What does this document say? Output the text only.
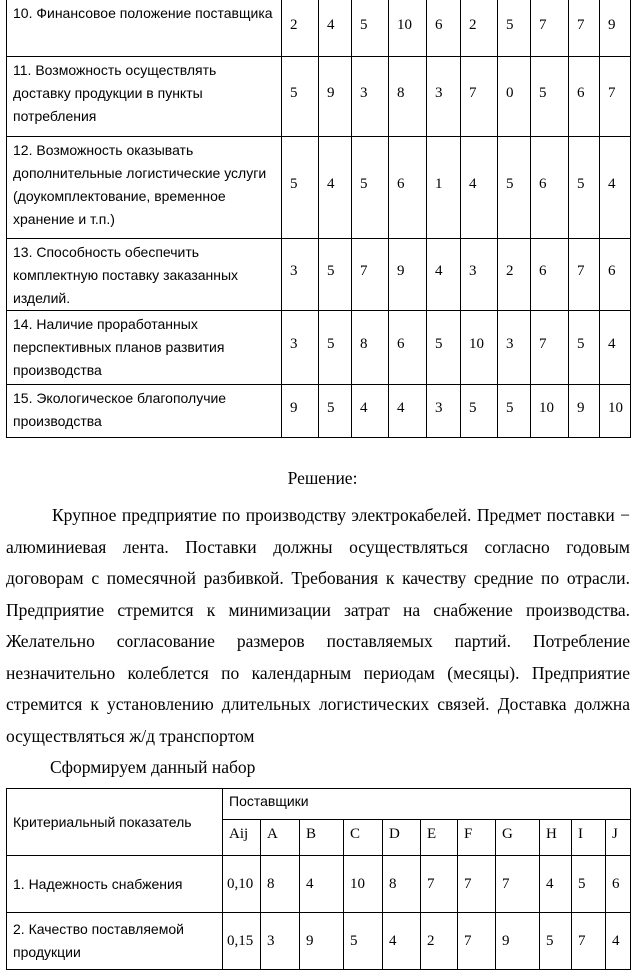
10. Финансовое положение поставщика	2	4	5	10	6	2	5	7	7	9
11. Возможность осуществлять доставку продукции в пункты потребления	5	9	3	8	3	7	0	5	6	7
12. Возможность оказывать дополнительные логистические услуги (доукомплектование, временное хранение и т.п.)	5	4	5	6	1	4	5	6	5	4
13. Способность обеспечить комплектную поставку заказанных изделий.	3	5	7	9	4	3	2	6	7	6
14. Наличие проработанных перспективных планов развития производства	3	5	8	6	5	10	3	7	5	4
15. Экологическое благополучие производства	9	5	4	4	3	5	5	10	9	10
Решение:
Крупное предприятие по производству электрокабелей. Предмет поставки − алюминиевая лента. Поставки должны осуществляться согласно годовым договорам с помесячной разбивкой. Требования к качеству средние по отрасли. Предприятие стремится к минимизации затрат на снабжение производства. Желательно согласование размеров поставляемых партий. Потребление незначительно колеблется по календарным периодам (месяцы). Предприятие стремится к установлению длительных логистических связей. Доставка должна осуществляться ж/д транспортом
Сформируем данный набор
Критериальный показатель	Поставщики											
	Aij	A	B	C	D	E	F	G	H	I	J	
1. Надежность снабжения	0,10	8	4	10	8	7	7	7	4	5	6	
2. Качество поставляемой продукции	0,15	3	9	5	4	2	7	9	5	7	4	
